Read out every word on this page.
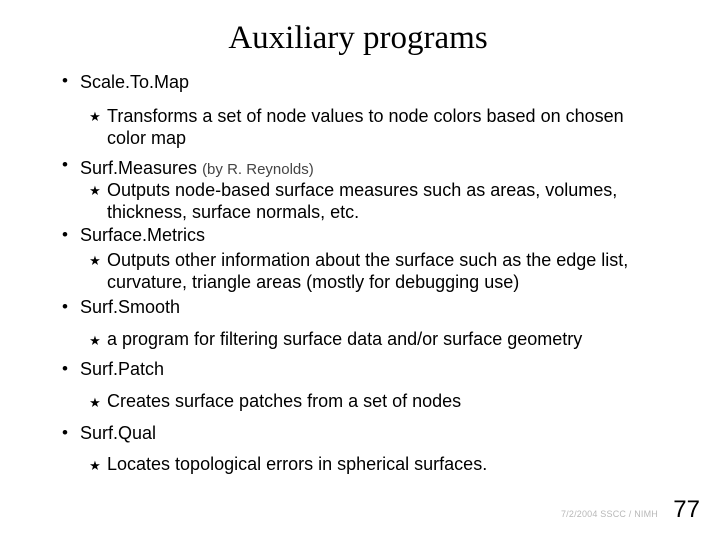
Auxiliary programs
• Scale.To.Map
★ Transforms a set of node values to node colors based on chosen color map
• Surf.Measures (by R. Reynolds)
★ Outputs node-based surface measures such as areas, volumes, thickness, surface normals, etc.
• Surface.Metrics
★ Outputs other information about the surface such as the edge list, curvature, triangle areas (mostly for debugging use)
• Surf.Smooth
★ a program for filtering surface data and/or surface geometry
• Surf.Patch
★ Creates surface patches from a set of nodes
• Surf.Qual
★ Locates topological errors in spherical surfaces.
7/2/2004 SSCC / NIMH 77
